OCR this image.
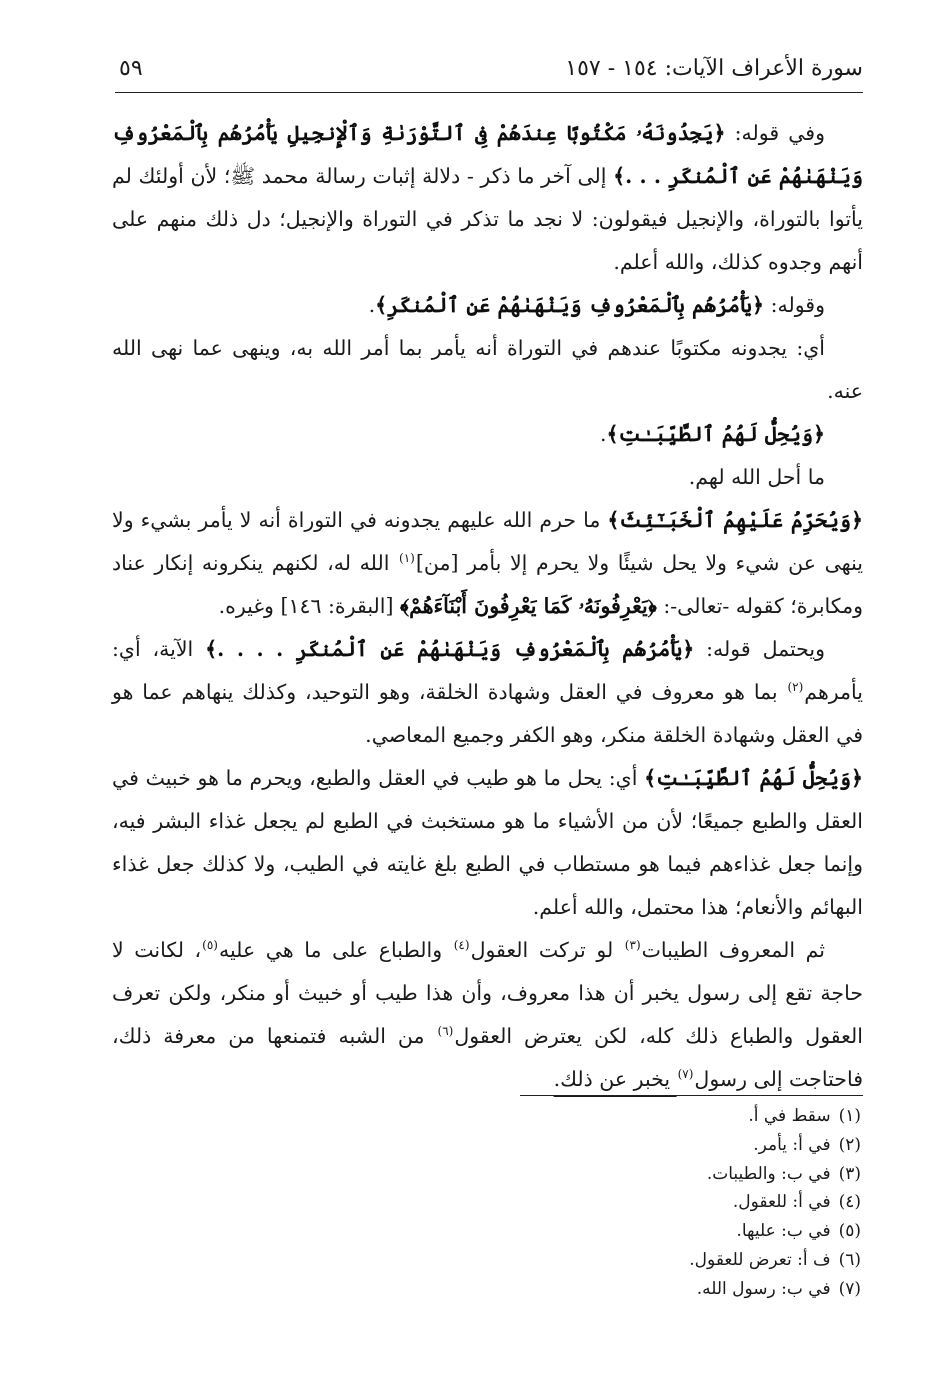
سورة الأعراف الآيات: ١٥٤ - ١٥٧
٥٩

وفي قوله: ﴿يَجِدُونَهُۥ مَكْتُوبًا عِندَهُمْ فِى ٱلتَّوْرَىٰةِ وَٱلْإِنجِيلِ يَأْمُرُهُم بِٱلْمَعْرُوفِ وَيَنْهَىٰهُمْ عَنِ ٱلْمُنكَرِ . . .﴾ إلى آخر ما ذكر - دلالة إثبات رسالة محمد ﷺ؛ لأن أولئك لم يأتوا بالتوراة، والإنجيل فيقولون: لا نجد ما تذكر في التوراة والإنجيل؛ دل ذلك منهم على أنهم وجدوه كذلك، والله أعلم.

وقوله: ﴿يَأْمُرُهُم بِٱلْمَعْرُوفِ وَيَنْهَىٰهُمْ عَنِ ٱلْمُنكَرِ﴾.

أي: يجدونه مكتوبًا عندهم في التوراة أنه يأمر بما أمر الله به، وينهى عما نهى الله عنه.

﴿وَيُحِلُّ لَهُمُ ٱلطَّيِّبَـٰتِ﴾.

ما أحل الله لهم.

﴿وَيُحَرِّمُ عَلَيْهِمُ ٱلْخَبَـٰٓئِثَ﴾ ما حرم الله عليهم يجدونه في التوراة أنه لا يأمر بشيء ولا ينهى عن شيء ولا يحل شيئًا ولا يحرم إلا بأمر [من]$^{(١)}$ الله له، لكنهم ينكرونه إنكار عناد ومكابرة؛ كقوله -تعالى-: ﴿يَعْرِفُونَهُۥ كَمَا يَعْرِفُونَ أَبْنَآءَهُمْ﴾ [البقرة: ١٤٦] وغيره.

ويحتمل قوله: ﴿يَأْمُرُهُم بِٱلْمَعْرُوفِ وَيَنْهَىٰهُمْ عَنِ ٱلْمُنكَرِ . . . .﴾ الآية، أي: يأمرهم$^{(٢)}$ بما هو معروف في العقل وشهادة الخلقة، وهو التوحيد، وكذلك ينهاهم عما هو في العقل وشهادة الخلقة منكر، وهو الكفر وجميع المعاصي.

﴿وَيُحِلُّ لَهُمُ ٱلطَّيِّبَـٰتِ﴾ أي: يحل ما هو طيب في العقل والطبع، ويحرم ما هو خبيث في العقل والطبع جميعًا؛ لأن من الأشياء ما هو مستخبث في الطبع لم يجعل غذاء البشر فيه، وإنما جعل غذاءهم فيما هو مستطاب في الطبع بلغ غايته في الطيب، ولا كذلك جعل غذاء البهائم والأنعام؛ هذا محتمل، والله أعلم.

ثم المعروف الطيبات$^{(٣)}$ لو تركت العقول$^{(٤)}$ والطباع على ما هي عليه$^{(٥)}$، لكانت لا حاجة تقع إلى رسول يخبر أن هذا معروف، وأن هذا طيب أو خبيث أو منكر، ولكن تعرف العقول والطباع ذلك كله، لكن يعترض العقول$^{(٦)}$ من الشبه فتمنعها من معرفة ذلك، فاحتاجت إلى رسول$^{(٧)}$ يخبر عن ذلك.

(١)سقط في أ.
(٢)في أ: يأمر.
(٣)في ب: والطيبات.
(٤)في أ: للعقول.
(٥)في ب: عليها.
(٦)ف أ: تعرض للعقول.
(٧)في ب: رسول الله.
